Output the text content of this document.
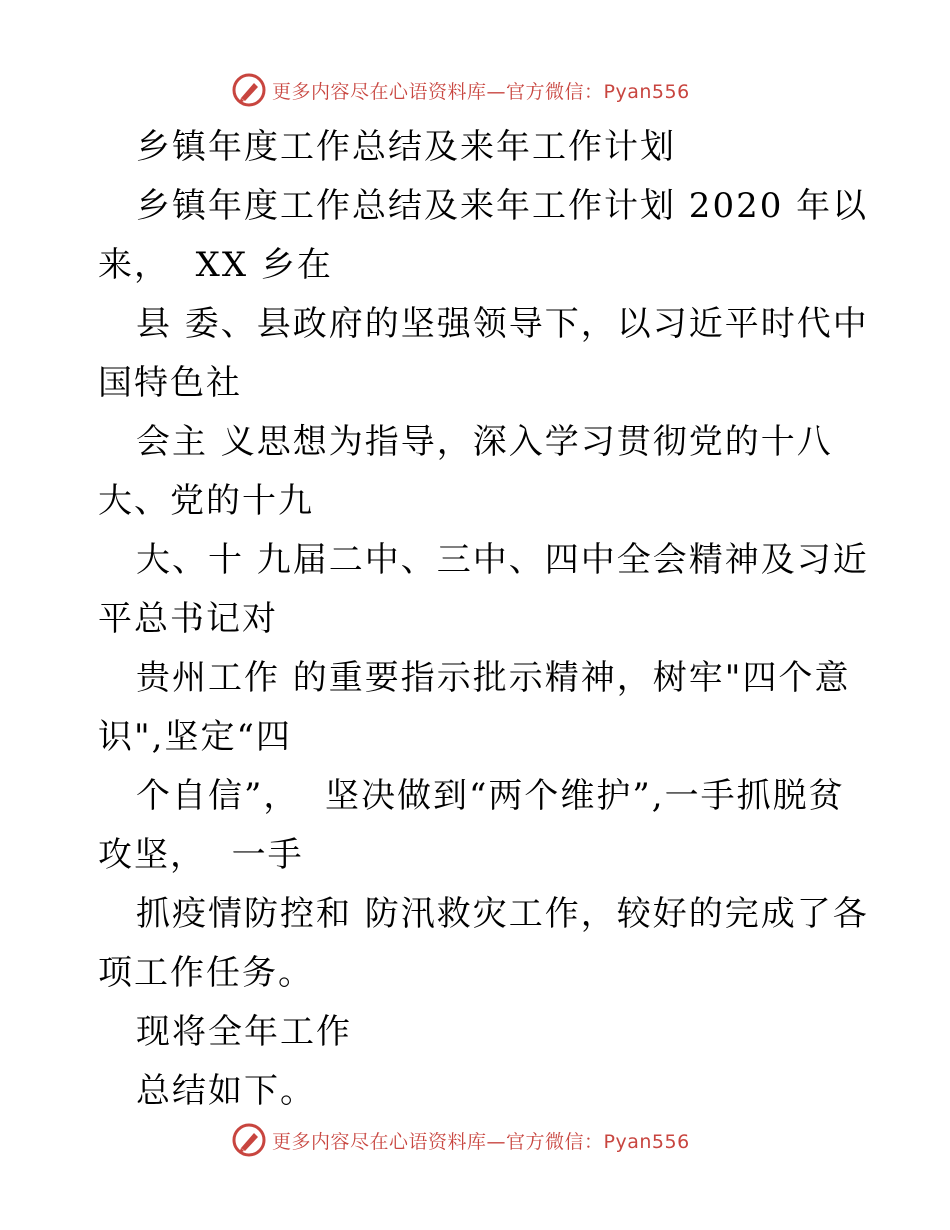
更多内容尽在心语资料库—官方微信：Pyan556
乡镇年度工作总结及来年工作计划
乡镇年度工作总结及来年工作计划 2020 年以
来，  XX 乡在
县 委、县政府的坚强领导下，以习近平时代中
国特色社
会主 义思想为指导，深入学习贯彻党的十八
大、党的十九
大、十 九届二中、三中、四中全会精神及习近
平总书记对
贵州工作 的重要指示批示精神，树牢"四个意
识",坚定“四
个自信”，  坚决做到“两个维护”,一手抓脱贫
攻坚，  一手
抓疫情防控和 防汛救灾工作，较好的完成了各
项工作任务。
现将全年工作
总结如下。
更多内容尽在心语资料库—官方微信：Pyan556
